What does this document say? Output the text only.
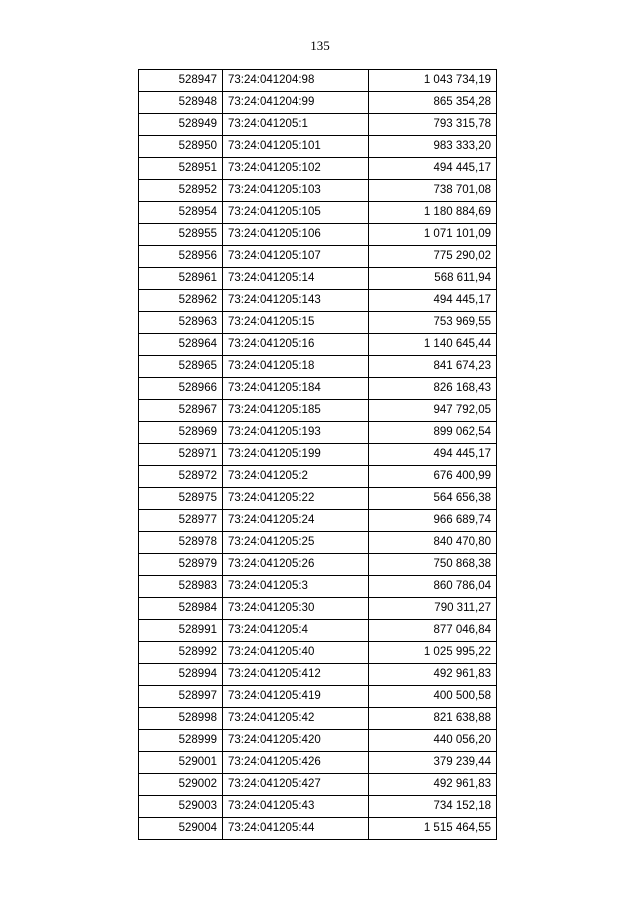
135
528947	73:24:041204:98	1 043 734,19
528948	73:24:041204:99	865 354,28
528949	73:24:041205:1	793 315,78
528950	73:24:041205:101	983 333,20
528951	73:24:041205:102	494 445,17
528952	73:24:041205:103	738 701,08
528954	73:24:041205:105	1 180 884,69
528955	73:24:041205:106	1 071 101,09
528956	73:24:041205:107	775 290,02
528961	73:24:041205:14	568 611,94
528962	73:24:041205:143	494 445,17
528963	73:24:041205:15	753 969,55
528964	73:24:041205:16	1 140 645,44
528965	73:24:041205:18	841 674,23
528966	73:24:041205:184	826 168,43
528967	73:24:041205:185	947 792,05
528969	73:24:041205:193	899 062,54
528971	73:24:041205:199	494 445,17
528972	73:24:041205:2	676 400,99
528975	73:24:041205:22	564 656,38
528977	73:24:041205:24	966 689,74
528978	73:24:041205:25	840 470,80
528979	73:24:041205:26	750 868,38
528983	73:24:041205:3	860 786,04
528984	73:24:041205:30	790 311,27
528991	73:24:041205:4	877 046,84
528992	73:24:041205:40	1 025 995,22
528994	73:24:041205:412	492 961,83
528997	73:24:041205:419	400 500,58
528998	73:24:041205:42	821 638,88
528999	73:24:041205:420	440 056,20
529001	73:24:041205:426	379 239,44
529002	73:24:041205:427	492 961,83
529003	73:24:041205:43	734 152,18
529004	73:24:041205:44	1 515 464,55
